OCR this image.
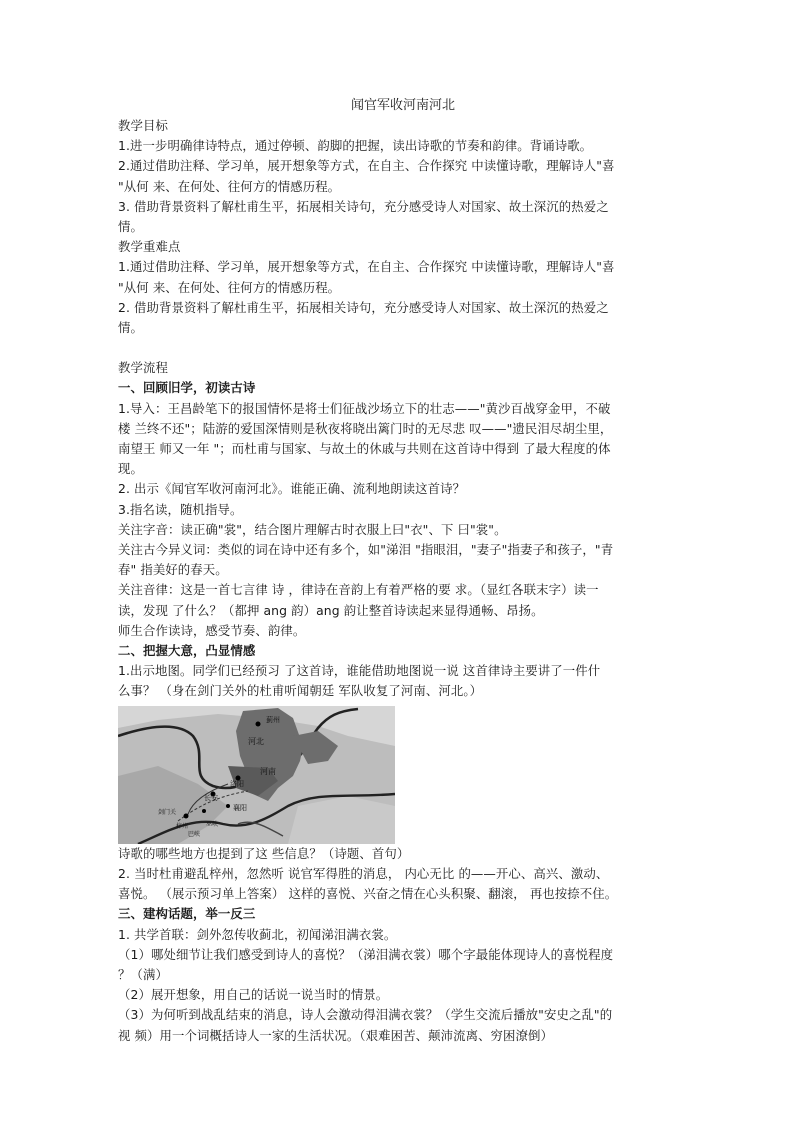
闻官军收河南河北

教学目标

1.进一步明确律诗特点，通过停顿、韵脚的把握，读出诗歌的节奏和韵律。背诵诗歌。

2.通过借助注释、学习单，展开想象等方式，在自主、合作探究 中读懂诗歌，理解诗人"喜

"从何 来、在何处、往何方的情感历程。

3. 借助背景资料了解杜甫生平，拓展相关诗句，充分感受诗人对国家、故土深沉的热爱之

情。

教学重难点

1.通过借助注释、学习单，展开想象等方式，在自主、合作探究 中读懂诗歌，理解诗人"喜

"从何 来、在何处、往何方的情感历程。

2. 借助背景资料了解杜甫生平，拓展相关诗句，充分感受诗人对国家、故土深沉的热爱之

情。

教学流程

一、回顾旧学，初读古诗

1.导入：王昌龄笔下的报国情怀是将士们征战沙场立下的壮志——"黄沙百战穿金甲，不破

楼 兰终不还"；陆游的爱国深情则是秋夜将晓出篱门时的无尽悲 叹——"遗民泪尽胡尘里，

南望王 师又一年 "；而杜甫与国家、与故土的休戚与共则在这首诗中得到 了最大程度的体

现。

2. 出示《闻官军收河南河北》。谁能正确、流利地朗读这首诗？

3.指名读，随机指导。

关注字音：读正确"裳"，结合图片理解古时衣服上曰"衣"、下 曰"裳"。

关注古今异义词：类似的词在诗中还有多个，如"涕泪 "指眼泪，"妻子"指妻子和孩子，"青

春" 指美好的春天。

关注音律：这是一首七言律 诗 ，律诗在音韵上有着严格的要 求。（显红各联末字）读一

读，发现 了什么？（都押 ang 韵）ang 韵让整首诗读起来显得通畅、昂扬。

师生合作读诗，感受节奏、韵律。

二、把握大意，凸显情感

1.出示地图。同学们已经预习 了这首诗，谁能借助地图说一说 这首律诗主要讲了一件什

么事？ （身在剑门关外的杜甫听闻朝廷 军队收复了河南、河北。）

蓟州
河北
河南
洛阳
襄阳
长安
剑门关
梓州	巫峡
巴峡

诗歌的哪些地方也提到了这 些信息？（诗题、首句）

2. 当时杜甫避乱梓州，忽然听 说官军得胜的消息， 内心无比 的——开心、高兴、激动、

喜悦。 （展示预习单上答案） 这样的喜悦、兴奋之情在心头积聚、翻滚， 再也按捺不住。

三、建构话题，举一反三

1. 共学首联：剑外忽传收蓟北，初闻涕泪满衣裳。

（1）哪处细节让我们感受到诗人的喜悦？（涕泪满衣裳）哪个字最能体现诗人的喜悦程度

？（满）

（2）展开想象，用自己的话说一说当时的情景。

（3）为何听到战乱结束的消息，诗人会激动得泪满衣裳？（学生交流后播放"安史之乱"的

视 频）用一个词概括诗人一家的生活状况。（艰难困苦、颠沛流离、穷困潦倒）
